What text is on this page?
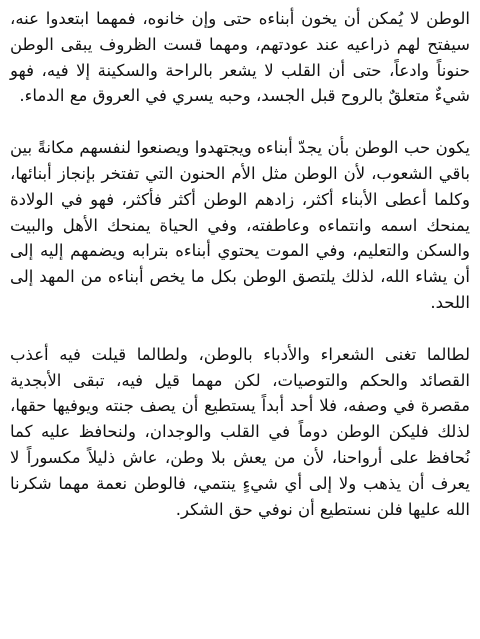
الوطن لا يُمكن أن يخون أبناءه حتى وإن خانوه، فمهما ابتعدوا عنه، سيفتح لهم ذراعيه عند عودتهم، ومهما قست الظروف يبقى الوطن حنوناً وادعاً، حتى أن القلب لا يشعر بالراحة والسكينة إلا فيه، فهو شيءٌ متعلقٌ بالروح قبل الجسد، وحبه يسري في العروق مع الدماء.

يكون حب الوطن بأن يجدّ أبناءه ويجتهدوا ويصنعوا لنفسهم مكانةً بين باقي الشعوب، لأن الوطن مثل الأم الحنون التي تفتخر بإنجاز أبنائها، وكلما أعطى الأبناء أكثر، زادهم الوطن أكثر فأكثر، فهو في الولادة يمنحك اسمه وانتماءه وعاطفته، وفي الحياة يمنحك الأهل والبيت والسكن والتعليم، وفي الموت يحتوي أبناءه بترابه ويضمهم إليه إلى أن يشاء الله، لذلك يلتصق الوطن بكل ما يخص أبناءه من المهد إلى اللحد.

لطالما تغنى الشعراء والأدباء بالوطن، ولطالما قيلت فيه أعذب القصائد والحكم والتوصيات، لكن مهما قيل فيه، تبقى الأبجدية مقصرة في وصفه، فلا أحد أبداً يستطيع أن يصف جنته ويوفيها حقها، لذلك فليكن الوطن دوماً في القلب والوجدان، ولنحافظ عليه كما نُحافظ على أرواحنا، لأن من يعش بلا وطن، عاش ذليلاً مكسوراً لا يعرف أن يذهب ولا إلى أي شيءٍ ينتمي، فالوطن نعمة مهما شكرنا الله عليها فلن نستطيع أن نوفي حق الشكر.
